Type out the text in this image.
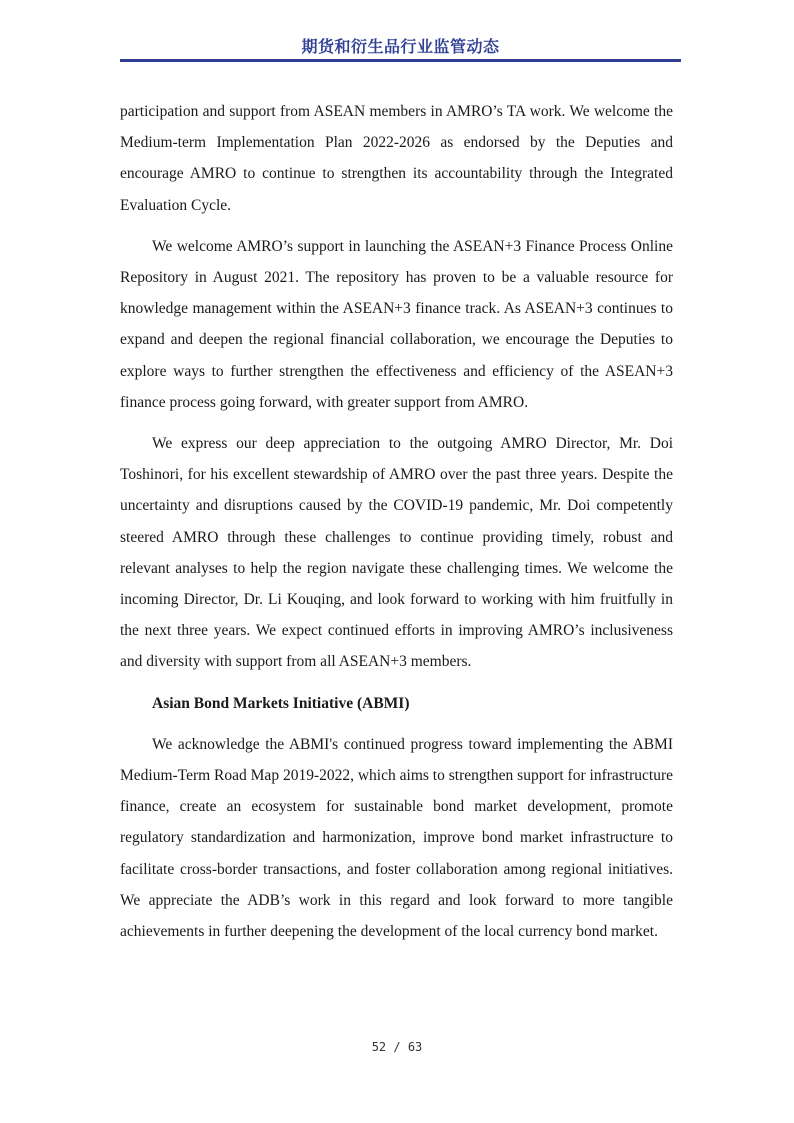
期货和衍生品行业监管动态

participation and support from ASEAN members in AMRO’s TA work. We welcome the Medium-term Implementation Plan 2022-2026 as endorsed by the Deputies and encourage AMRO to continue to strengthen its accountability through the Integrated Evaluation Cycle.

We welcome AMRO’s support in launching the ASEAN+3 Finance Process Online Repository in August 2021. The repository has proven to be a valuable resource for knowledge management within the ASEAN+3 finance track. As ASEAN+3 continues to expand and deepen the regional financial collaboration, we encourage the Deputies to explore ways to further strengthen the effectiveness and efficiency of the ASEAN+3 finance process going forward, with greater support from AMRO.

We express our deep appreciation to the outgoing AMRO Director, Mr. Doi Toshinori, for his excellent stewardship of AMRO over the past three years. Despite the uncertainty and disruptions caused by the COVID-19 pandemic, Mr. Doi competently steered AMRO through these challenges to continue providing timely, robust and relevant analyses to help the region navigate these challenging times. We welcome the incoming Director, Dr. Li Kouqing, and look forward to working with him fruitfully in the next three years. We expect continued efforts in improving AMRO’s inclusiveness and diversity with support from all ASEAN+3 members.

Asian Bond Markets Initiative (ABMI)

We acknowledge the ABMI's continued progress toward implementing the ABMI Medium-Term Road Map 2019-2022, which aims to strengthen support for infrastructure finance, create an ecosystem for sustainable bond market development, promote regulatory standardization and harmonization, improve bond market infrastructure to facilitate cross-border transactions, and foster collaboration among regional initiatives. We appreciate the ADB’s work in this regard and look forward to more tangible achievements in further deepening the development of the local currency bond market.

52 / 63
